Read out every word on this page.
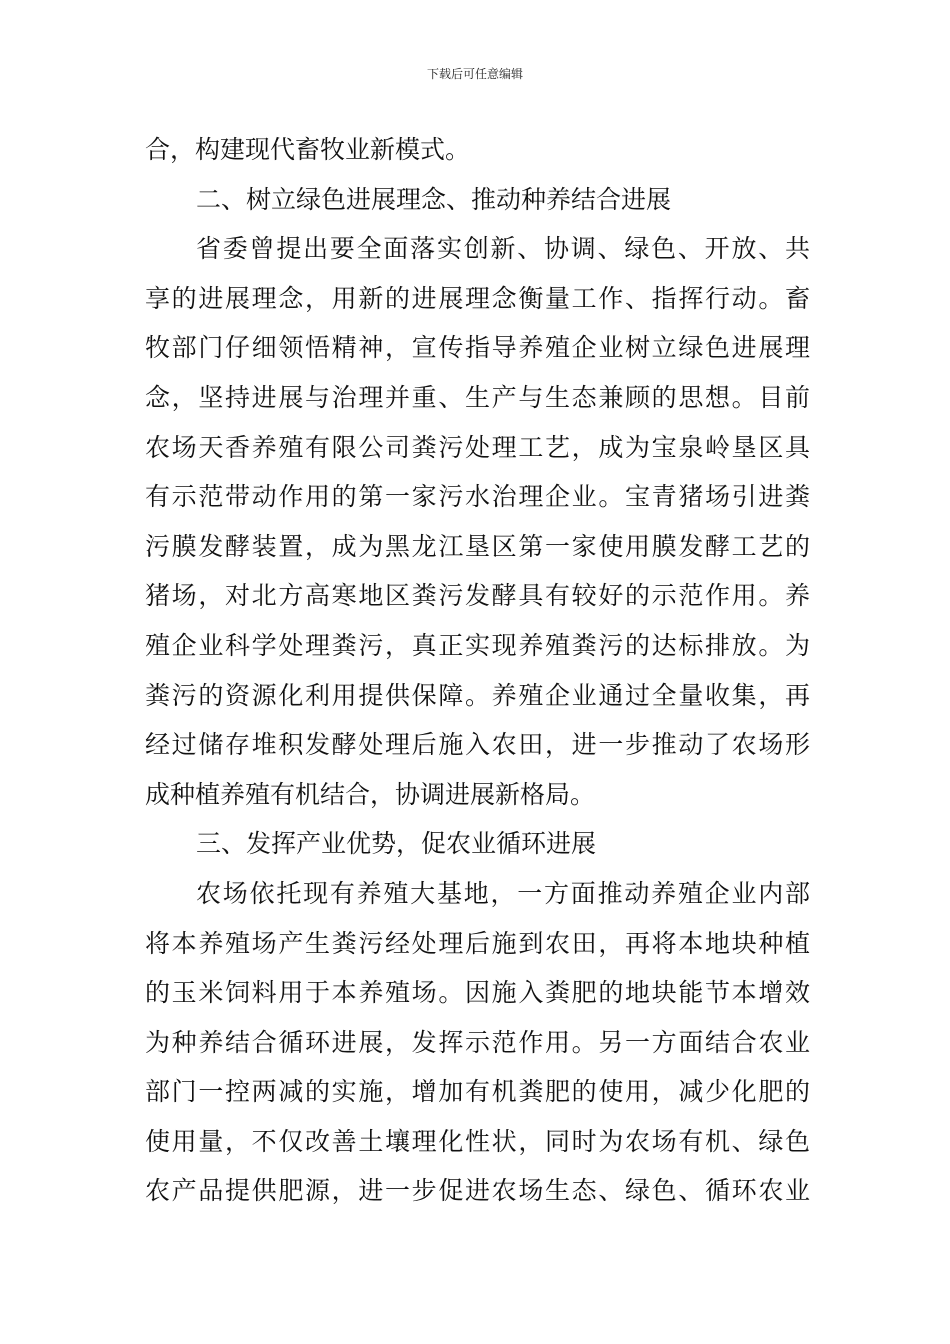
下载后可任意编辑
合，构建现代畜牧业新模式。
二、树立绿色进展理念、推动种养结合进展
省委曾提出要全面落实创新、协调、绿色、开放、共
享的进展理念，用新的进展理念衡量工作、指挥行动。畜
牧部门仔细领悟精神，宣传指导养殖企业树立绿色进展理
念，坚持进展与治理并重、生产与生态兼顾的思想。目前
农场天香养殖有限公司粪污处理工艺，成为宝泉岭垦区具
有示范带动作用的第一家污水治理企业。宝青猪场引进粪
污膜发酵装置，成为黑龙江垦区第一家使用膜发酵工艺的
猪场，对北方高寒地区粪污发酵具有较好的示范作用。养
殖企业科学处理粪污，真正实现养殖粪污的达标排放。为
粪污的资源化利用提供保障。养殖企业通过全量收集，再
经过储存堆积发酵处理后施入农田，进一步推动了农场形
成种植养殖有机结合，协调进展新格局。
三、发挥产业优势，促农业循环进展
农场依托现有养殖大基地，一方面推动养殖企业内部
将本养殖场产生粪污经处理后施到农田，再将本地块种植
的玉米饲料用于本养殖场。因施入粪肥的地块能节本增效
为种养结合循环进展，发挥示范作用。另一方面结合农业
部门一控两减的实施，增加有机粪肥的使用，减少化肥的
使用量，不仅改善土壤理化性状，同时为农场有机、绿色
农产品提供肥源，进一步促进农场生态、绿色、循环农业
